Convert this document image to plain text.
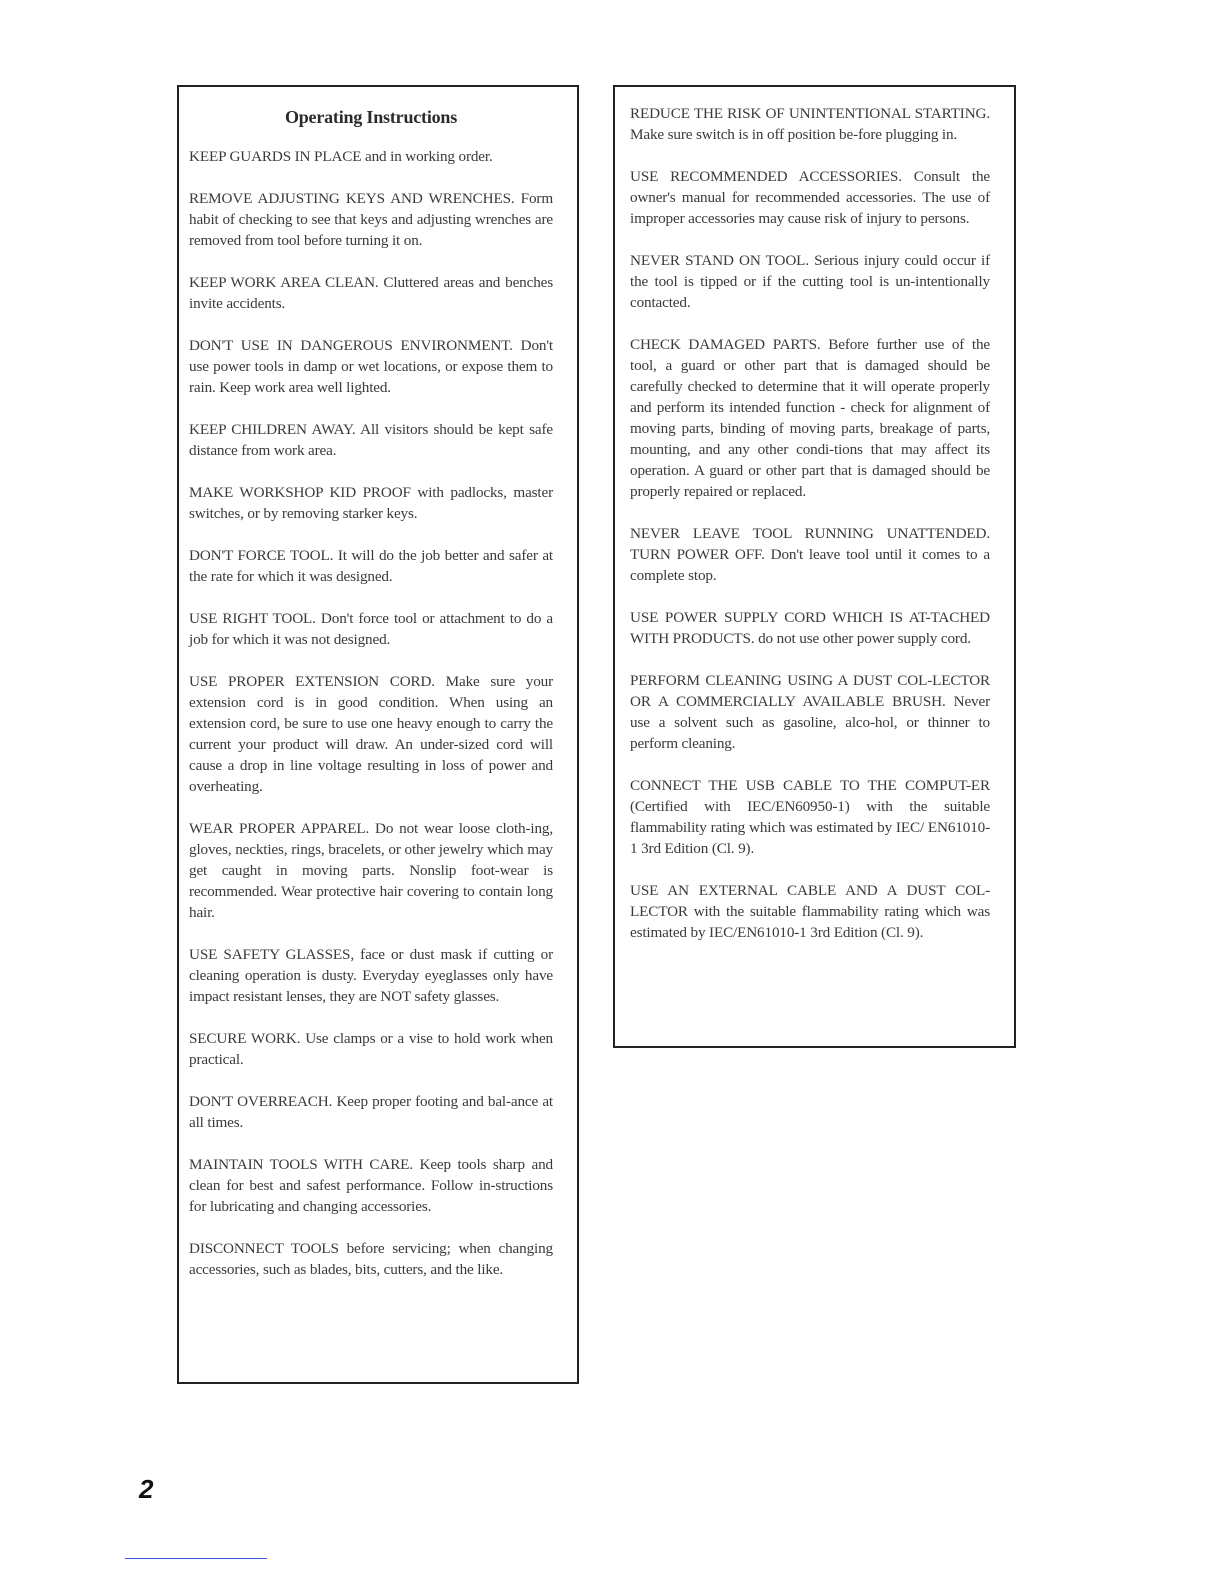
Operating Instructions

KEEP GUARDS IN PLACE and in working order.

REMOVE ADJUSTING KEYS AND WRENCHES. Form habit of checking to see that keys and adjusting wrenches are removed from tool before turning it on.

KEEP WORK AREA CLEAN. Cluttered areas and benches invite accidents.

DON'T USE IN DANGEROUS ENVIRONMENT. Don't use power tools in damp or wet locations, or expose them to rain. Keep work area well lighted.

KEEP CHILDREN AWAY. All visitors should be kept safe distance from work area.

MAKE WORKSHOP KID PROOF with padlocks, master switches, or by removing starker keys.

DON'T FORCE TOOL. It will do the job better and safer at the rate for which it was designed.

USE RIGHT TOOL. Don't force tool or attachment to do a job for which it was not designed.

USE PROPER EXTENSION CORD. Make sure your extension cord is in good condition. When using an extension cord, be sure to use one heavy enough to carry the current your product will draw. An under-sized cord will cause a drop in line voltage resulting in loss of power and overheating.

WEAR PROPER APPAREL. Do not wear loose cloth-ing, gloves, neckties, rings, bracelets, or other jewelry which may get caught in moving parts. Nonslip foot-wear is recommended. Wear protective hair covering to contain long hair.

USE SAFETY GLASSES, face or dust mask if cutting or cleaning operation is dusty. Everyday eyeglasses only have impact resistant lenses, they are NOT safety glasses.

SECURE WORK. Use clamps or a vise to hold work when practical.

DON'T OVERREACH. Keep proper footing and bal-ance at all times.

MAINTAIN TOOLS WITH CARE. Keep tools sharp and clean for best and safest performance. Follow in-structions for lubricating and changing accessories.

DISCONNECT TOOLS before servicing; when changing accessories, such as blades, bits, cutters, and the like.

REDUCE THE RISK OF UNINTENTIONAL STARTING. Make sure switch is in off position be-fore plugging in.

USE RECOMMENDED ACCESSORIES. Consult the owner's manual for recommended accessories. The use of improper accessories may cause risk of injury to persons.

NEVER STAND ON TOOL. Serious injury could occur if the tool is tipped or if the cutting tool is un-intentionally contacted.

CHECK DAMAGED PARTS. Before further use of the tool, a guard or other part that is damaged should be carefully checked to determine that it will operate properly and perform its intended function - check for alignment of moving parts, binding of moving parts, breakage of parts, mounting, and any other condi-tions that may affect its operation. A guard or other part that is damaged should be properly repaired or replaced.

NEVER LEAVE TOOL RUNNING UNATTENDED. TURN POWER OFF. Don't leave tool until it comes to a complete stop.

USE POWER SUPPLY CORD WHICH IS AT-TACHED WITH PRODUCTS. do not use other power supply cord.

PERFORM CLEANING USING A DUST COL-LECTOR OR A COMMERCIALLY AVAILABLE BRUSH. Never use a solvent such as gasoline, alco-hol, or thinner to perform cleaning.

CONNECT THE USB CABLE TO THE COMPUT-ER (Certified with IEC/EN60950-1) with the suitable flammability rating which was estimated by IEC/ EN61010-1 3rd Edition (Cl. 9).

USE AN EXTERNAL CABLE AND A DUST COL-LECTOR with the suitable flammability rating which was estimated by IEC/EN61010-1 3rd Edition (Cl. 9).

2
